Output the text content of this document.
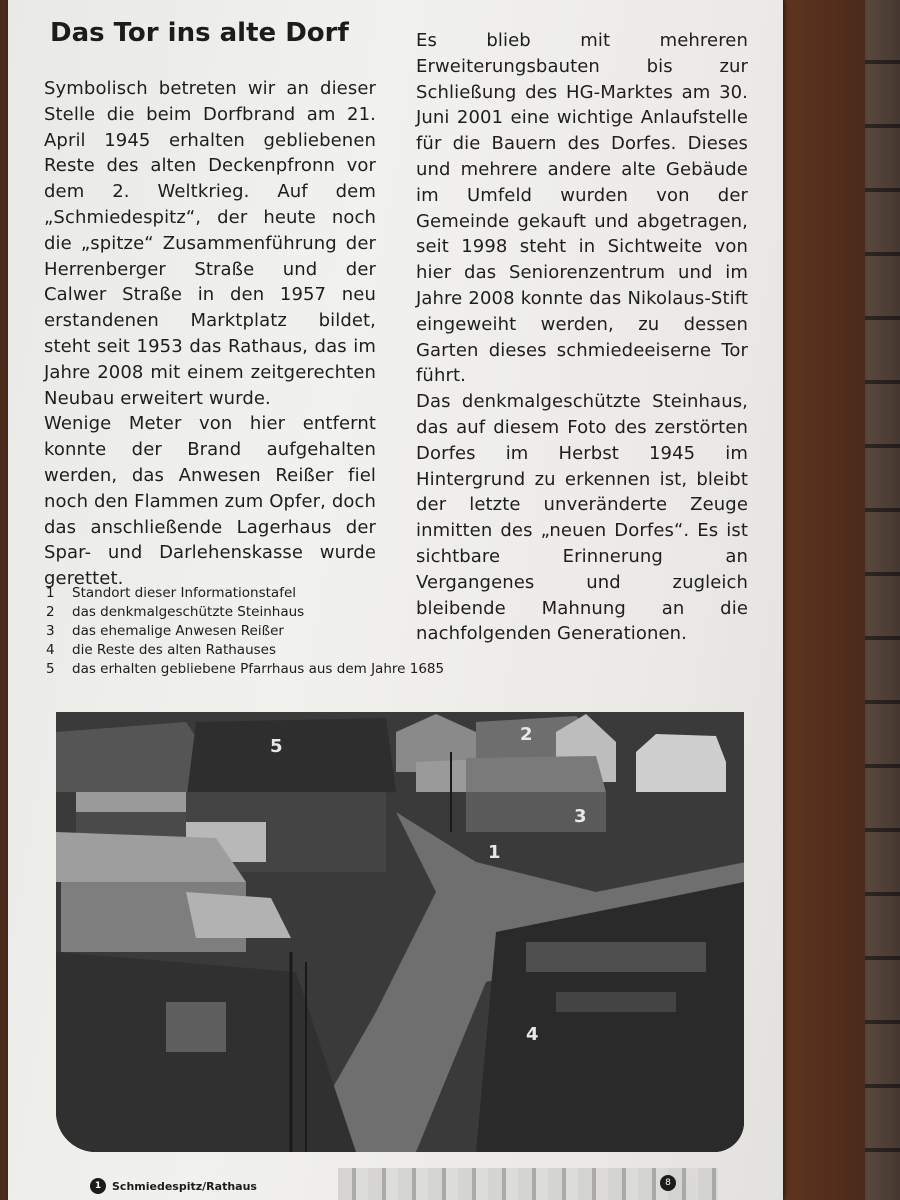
Das Tor ins alte Dorf

Symbolisch betreten wir an dieser Stelle die beim Dorfbrand am 21. April 1945 erhalten gebliebenen Reste des alten Deckenpfronn vor dem 2. Weltkrieg. Auf dem „Schmiedespitz“, der heute noch die „spitze“ Zusammenführung der Herrenberger Straße und der Calwer Straße in den 1957 neu erstandenen Marktplatz bildet, steht seit 1953 das Rathaus, das im Jahre 2008 mit einem zeitgerechten Neubau erweitert wurde.

Wenige Meter von hier entfernt konnte der Brand aufgehalten werden, das Anwesen Reißer fiel noch den Flammen zum Opfer, doch das anschließende Lagerhaus der Spar- und Darlehenskasse wurde gerettet.

Es blieb mit mehreren Erweiterungsbauten bis zur Schließung des HG-Marktes am 30. Juni 2001 eine wichtige Anlaufstelle für die Bauern des Dorfes. Dieses und mehrere andere alte Gebäude im Umfeld wurden von der Gemeinde gekauft und abgetragen, seit 1998 steht in Sichtweite von hier das Seniorenzentrum und im Jahre 2008 konnte das Nikolaus-Stift eingeweiht werden, zu dessen Garten dieses schmiedeeiserne Tor führt.

Das denkmalgeschützte Steinhaus, das auf diesem Foto des zerstörten Dorfes im Herbst 1945 im Hintergrund zu erkennen ist, bleibt der letzte unveränderte Zeuge inmitten des „neuen Dorfes“. Es ist sichtbare Erinnerung an Vergangenes und zugleich bleibende Mahnung an die nachfolgenden Generationen.

1	Standort dieser Informationstafel
2	das denkmalgeschützte Steinhaus
3	das ehemalige Anwesen Reißer
4	die Reste des alten Rathauses
5	das erhalten gebliebene Pfarrhaus aus dem Jahre 1685
5
2
3
1
4
1 Schmiedespitz/Rathaus	8
